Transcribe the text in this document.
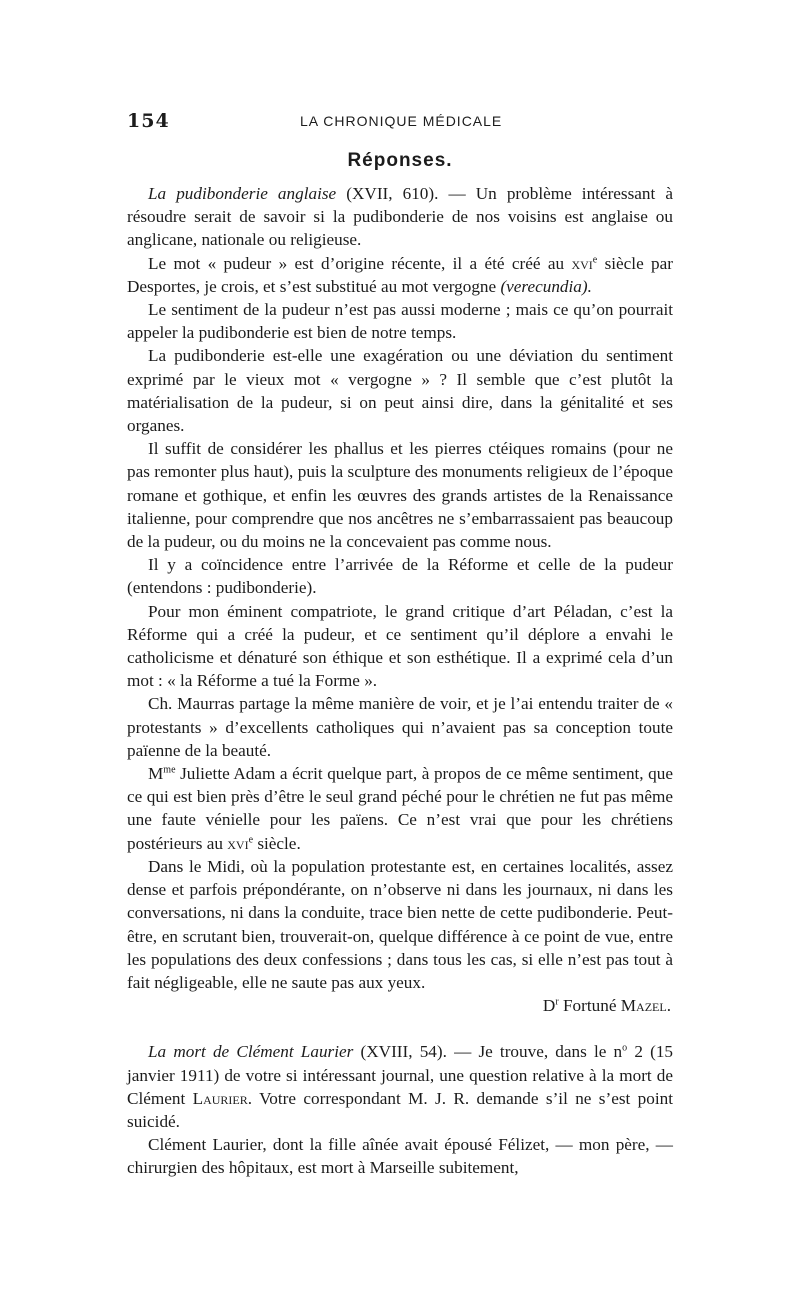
154	LA CHRONIQUE MÉDICALE
Réponses.

La pudibonderie anglaise (XVII, 610). — Un problème intéressant à résoudre serait de savoir si la pudibonderie de nos voisins est anglaise ou anglicane, nationale ou religieuse.

Le mot « pudeur » est d’origine récente, il a été créé au xvi$^e$ siècle par Desportes, je crois, et s’est substitué au mot vergogne (verecundia).

Le sentiment de la pudeur n’est pas aussi moderne ; mais ce qu’on pourrait appeler la pudibonderie est bien de notre temps.

La pudibonderie est-elle une exagération ou une déviation du sentiment exprimé par le vieux mot « vergogne » ? Il semble que c’est plutôt la matérialisation de la pudeur, si on peut ainsi dire, dans la génitalité et ses organes.

Il suffit de considérer les phallus et les pierres ctéiques romains (pour ne pas remonter plus haut), puis la sculpture des monuments religieux de l’époque romane et gothique, et enfin les œuvres des grands artistes de la Renaissance italienne, pour comprendre que nos ancêtres ne s’embarrassaient pas beaucoup de la pudeur, ou du moins ne la concevaient pas comme nous.

Il y a coïncidence entre l’arrivée de la Réforme et celle de la pudeur (entendons : pudibonderie).

Pour mon éminent compatriote, le grand critique d’art Péladan, c’est la Réforme qui a créé la pudeur, et ce sentiment qu’il déplore a envahi le catholicisme et dénaturé son éthique et son esthétique. Il a exprimé cela d’un mot : « la Réforme a tué la Forme ».

Ch. Maurras partage la même manière de voir, et je l’ai entendu traiter de « protestants » d’excellents catholiques qui n’avaient pas sa conception toute païenne de la beauté.

$M^{me}$ Juliette Adam a écrit quelque part, à propos de ce même sentiment, que ce qui est bien près d’être le seul grand péché pour le chrétien ne fut pas même une faute vénielle pour les païens. Ce n’est vrai que pour les chrétiens postérieurs au xvi$^e$ siècle.

Dans le Midi, où la population protestante est, en certaines localités, assez dense et parfois prépondérante, on n’observe ni dans les journaux, ni dans les conversations, ni dans la conduite, trace bien nette de cette pudibonderie. Peut-être, en scrutant bien, trouverait-on, quelque différence à ce point de vue, entre les populations des deux confessions ; dans tous les cas, si elle n’est pas tout à fait négligeable, elle ne saute pas aux yeux.

$D^r$ Fortuné Mazel.

La mort de Clément Laurier (XVIII, 54). — Je trouve, dans le $n^o$ 2 (15 janvier 1911) de votre si intéressant journal, une question relative à la mort de Clément Laurier. Votre correspondant M. J. R. demande s’il ne s’est point suicidé.

Clément Laurier, dont la fille aînée avait épousé Félizet, — mon père, — chirurgien des hôpitaux, est mort à Marseille subitement,
